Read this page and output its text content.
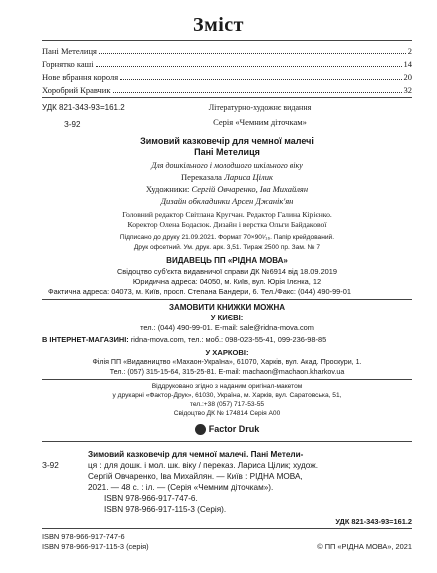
Зміст
Пані Метелиця	2
Горнятко каші	14
Нове вбрання короля	20
Хоробрий Кравчик	32
УДК 821-343-93=161.2
З-92
Літературно-художнє видання
Серія «Чемним діточкам»
Зимовий казковечір для чемної малечі
Пані Метелиця
Для дошкільного і молодшого шкільного віку
Переказала Лариса Цілик
Художники: Сергій Овчаренко, Іва Михайлян
Дизайн обкладинки Арсен Джанік'ян
Головний редактор Світлана Кругчан. Редактор Галина Кірієнко.
Коректор Олена Бодасюк. Дизайн і верстка Ольги Байдакової
Підписано до друку 21.09.2021. Формат 70×90¹⁄₁₆. Папір крейдований.
Друк офсетний. Ум. друк. арк. 3,51. Тираж 2500 пр. Зам. № 7
ВИДАВЕЦЬ ПП «РІДНА МОВА»
Свідоцтво суб'єкта видавничої справи ДК №6914 від 18.09.2019
Юридична адреса: 04050, м. Київ, вул. Юрія Ілєнка, 12
Фактична адреса: 04073, м. Київ, просп. Степана Бандери, 6. Тел./Факс: (044) 490-99-01
ЗАМОВИТИ КНИЖКИ МОЖНА
У КИЄВІ:
тел.: (044) 490-99-01. E-mail: sale@ridna-mova.com
В ІНТЕРНЕТ-МАГАЗИНІ: ridna-mova.com, тел.: моб.: 098-023-55-41, 099-236-98-85
У ХАРКОВІ:
Філія ПП «Видавництво «Махаон-Україна», 61070, Харків, вул. Акад. Проскури, 1.
Тел.: (057) 315-15-64, 315-25-81. E-mail: machaon@machaon.kharkov.ua
Віддруковано згідно з наданим оригінал-макетом
у друкарні «Фактор-Друк», 61030, Україна, м. Харків, вул. Саратовська, 51,
тел.:+38 (057) 717-53-55
Свідоцтво ДК № 174814 Серія А00
Factor Druk
Зимовий казковечір для чемної малечі. Пані Метели-
З-92	ця : для дошк. і мол. шк. віку / переказ. Лариса Цілик; худож.
Сергій Овчаренко, Іва Михайлян. — Київ : РІДНА МОВА,
2021. — 48 с. : іл. — (Серія «Чемним діточкам»).
ISBN 978-966-917-747-6.
ISBN 978-966-917-115-3 (Серія).
УДК 821-343-93=161.2
ISBN 978-966-917-747-6
ISBN 978-966-917-115-3 (серія)	© ПП «РІДНА МОВА», 2021
